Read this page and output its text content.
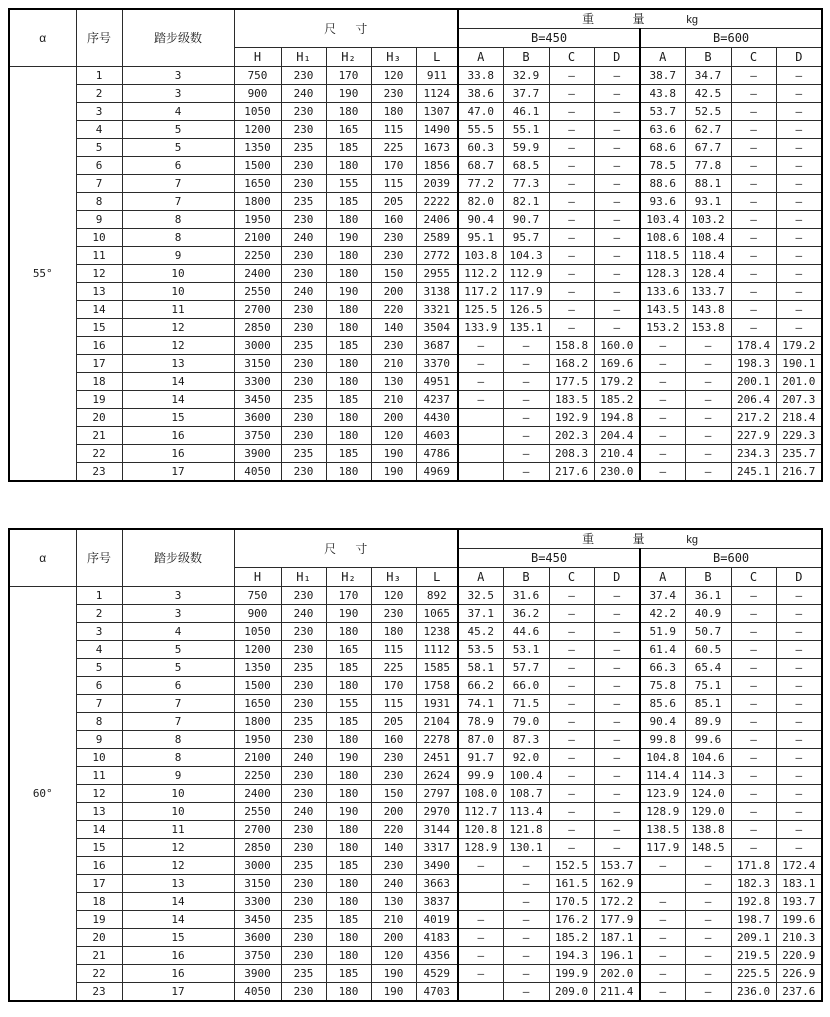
α	序号	踏步级数	尺寸					重量 kg							
								B=450				B=600			
			H	H₁	H₂	H₃	L	A	B	C	D	A	B	C	D
55°	1	3	750	230	170	120	911	33.8	32.9	—	—	38.7	34.7	—	—
	2	3	900	240	190	230	1124	38.6	37.7	—	—	43.8	42.5	—	—
	3	4	1050	230	180	180	1307	47.0	46.1	—	—	53.7	52.5	—	—
	4	5	1200	230	165	115	1490	55.5	55.1	—	—	63.6	62.7	—	—
	5	5	1350	235	185	225	1673	60.3	59.9	—	—	68.6	67.7	—	—
	6	6	1500	230	180	170	1856	68.7	68.5	—	—	78.5	77.8	—	—
	7	7	1650	230	155	115	2039	77.2	77.3	—	—	88.6	88.1	—	—
	8	7	1800	235	185	205	2222	82.0	82.1	—	—	93.6	93.1	—	—
	9	8	1950	230	180	160	2406	90.4	90.7	—	—	103.4	103.2	—	—
	10	8	2100	240	190	230	2589	95.1	95.7	—	—	108.6	108.4	—	—
	11	9	2250	230	180	230	2772	103.8	104.3	—	—	118.5	118.4	—	—
	12	10	2400	230	180	150	2955	112.2	112.9	—	—	128.3	128.4	—	—
	13	10	2550	240	190	200	3138	117.2	117.9	—	—	133.6	133.7	—	—
	14	11	2700	230	180	220	3321	125.5	126.5	—	—	143.5	143.8	—	—
	15	12	2850	230	180	140	3504	133.9	135.1	—	—	153.2	153.8	—	—
	16	12	3000	235	185	230	3687	—	—	158.8	160.0	—	—	178.4	179.2
	17	13	3150	230	180	210	3370	—	—	168.2	169.6	—	—	198.3	190.1
	18	14	3300	230	180	130	4951	—	—	177.5	179.2	—	—	200.1	201.0
	19	14	3450	235	185	210	4237	—	—	183.5	185.2	—	—	206.4	207.3
	20	15	3600	230	180	200	4430		—	192.9	194.8	—	—	217.2	218.4
	21	16	3750	230	180	120	4603		—	202.3	204.4	—	—	227.9	229.3
	22	16	3900	235	185	190	4786		—	208.3	210.4	—	—	234.3	235.7
	23	17	4050	230	180	190	4969		—	217.6	230.0	—	—	245.1	216.7
α	序号	踏步级数	尺寸					重量 kg							
								B=450				B=600			
			H	H₁	H₂	H₃	L	A	B	C	D	A	B	C	D
60°	1	3	750	230	170	120	892	32.5	31.6	—	—	37.4	36.1	—	—
	2	3	900	240	190	230	1065	37.1	36.2	—	—	42.2	40.9	—	—
	3	4	1050	230	180	180	1238	45.2	44.6	—	—	51.9	50.7	—	—
	4	5	1200	230	165	115	1112	53.5	53.1	—	—	61.4	60.5	—	—
	5	5	1350	235	185	225	1585	58.1	57.7	—	—	66.3	65.4	—	—
	6	6	1500	230	180	170	1758	66.2	66.0	—	—	75.8	75.1	—	—
	7	7	1650	230	155	115	1931	74.1	71.5	—	—	85.6	85.1	—	—
	8	7	1800	235	185	205	2104	78.9	79.0	—	—	90.4	89.9	—	—
	9	8	1950	230	180	160	2278	87.0	87.3	—	—	99.8	99.6	—	—
	10	8	2100	240	190	230	2451	91.7	92.0	—	—	104.8	104.6	—	—
	11	9	2250	230	180	230	2624	99.9	100.4	—	—	114.4	114.3	—	—
	12	10	2400	230	180	150	2797	108.0	108.7	—	—	123.9	124.0	—	—
	13	10	2550	240	190	200	2970	112.7	113.4	—	—	128.9	129.0	—	—
	14	11	2700	230	180	220	3144	120.8	121.8	—	—	138.5	138.8	—	—
	15	12	2850	230	180	140	3317	128.9	130.1	—	—	117.9	148.5	—	—
	16	12	3000	235	185	230	3490	—	—	152.5	153.7	—	—	171.8	172.4
	17	13	3150	230	180	240	3663		—	161.5	162.9		—	182.3	183.1
	18	14	3300	230	180	130	3837		—	170.5	172.2	—	—	192.8	193.7
	19	14	3450	235	185	210	4019	—	—	176.2	177.9	—	—	198.7	199.6
	20	15	3600	230	180	200	4183	—	—	185.2	187.1	—	—	209.1	210.3
	21	16	3750	230	180	120	4356	—	—	194.3	196.1	—	—	219.5	220.9
	22	16	3900	235	185	190	4529	—	—	199.9	202.0	—	—	225.5	226.9
	23	17	4050	230	180	190	4703		—	209.0	211.4	—	—	236.0	237.6
